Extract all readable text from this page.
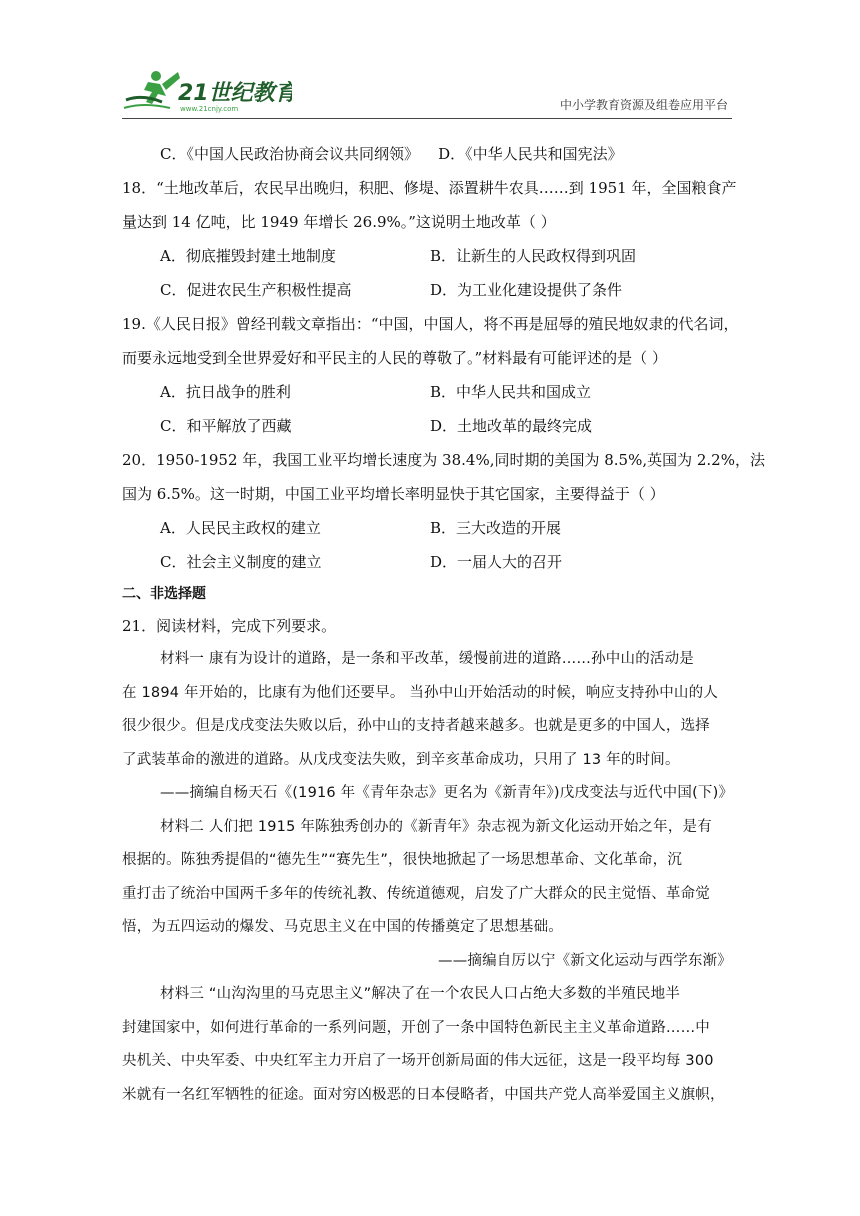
21世纪教育
www.21cnjy.com	中小学教育资源及组卷应用平台
C．《中国人民政治协商会议共同纲领》 D．《中华人民共和国宪法》
18．“土地改革后，农民早出晚归，积肥、修堤、添置耕牛农具……到 1951 年，全国粮食产
量达到 14 亿吨，比 1949 年增长 26.9%。”这说明土地改革（ ）
A．彻底摧毁封建土地制度	B．让新生的人民政权得到巩固
C．促进农民生产积极性提高	D．为工业化建设提供了条件
19.《人民日报》曾经刊载文章指出：“中国，中国人，将不再是屈辱的殖民地奴隶的代名词，
而要永远地受到全世界爱好和平民主的人民的尊敬了。”材料最有可能评述的是（ ）
A．抗日战争的胜利	B．中华人民共和国成立
C．和平解放了西藏	D．土地改革的最终完成
20．1950-1952 年，我国工业平均增长速度为 38.4%,同时期的美国为 8.5%,英国为 2.2%，法
国为 6.5%。这一时期，中国工业平均增长率明显快于其它国家，主要得益于（ ）
A．人民民主政权的建立	B．三大改造的开展
C．社会主义制度的建立	D．一届人大的召开
二、非选择题
21．阅读材料，完成下列要求。
材料一 康有为设计的道路，是一条和平改革，缓慢前进的道路……孙中山的活动是
在 1894 年开始的，比康有为他们还要早。 当孙中山开始活动的时候，响应支持孙中山的人
很少很少。但是戊戌变法失败以后，孙中山的支持者越来越多。也就是更多的中国人，选择
了武装革命的激进的道路。从戊戌变法失败，到辛亥革命成功，只用了 13 年的时间。
——摘编自杨天石《(1916 年《青年杂志》更名为《新青年》)戊戌变法与近代中国(下)》
材料二 人们把 1915 年陈独秀创办的《新青年》杂志视为新文化运动开始之年，是有
根据的。陈独秀提倡的“德先生”“赛先生”，很快地掀起了一场思想革命、文化革命，沉
重打击了统治中国两千多年的传统礼教、传统道德观，启发了广大群众的民主觉悟、革命觉
悟，为五四运动的爆发、马克思主义在中国的传播奠定了思想基础。
——摘编自厉以宁《新文化运动与西学东渐》
材料三 “山沟沟里的马克思主义”解决了在一个农民人口占绝大多数的半殖民地半
封建国家中，如何进行革命的一系列问题，开创了一条中国特色新民主主义革命道路……中
央机关、中央军委、中央红军主力开启了一场开创新局面的伟大远征，这是一段平均每 300
米就有一名红军牺牲的征途。面对穷凶极恶的日本侵略者，中国共产党人高举爱国主义旗帜，
